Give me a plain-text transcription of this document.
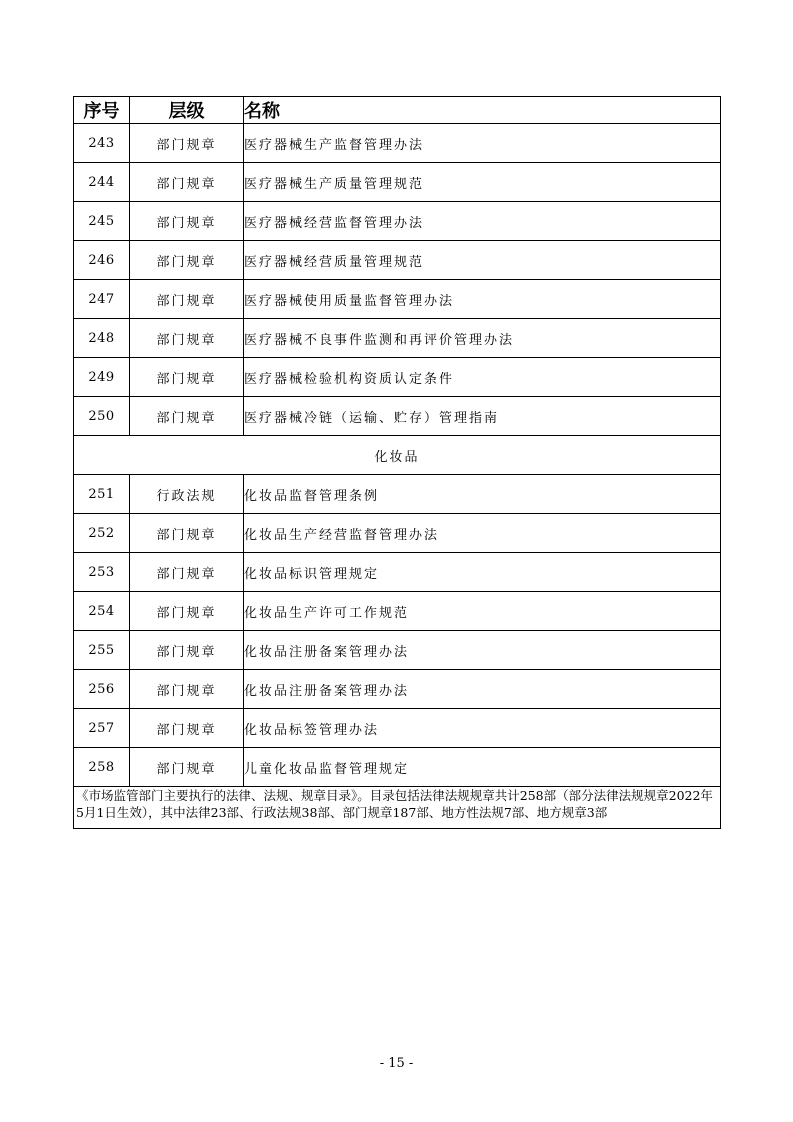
序号	层级	名称
243	部门规章	医疗器械生产监督管理办法
244	部门规章	医疗器械生产质量管理规范
245	部门规章	医疗器械经营监督管理办法
246	部门规章	医疗器械经营质量管理规范
247	部门规章	医疗器械使用质量监督管理办法
248	部门规章	医疗器械不良事件监测和再评价管理办法
249	部门规章	医疗器械检验机构资质认定条件
250	部门规章	医疗器械冷链（运输、贮存）管理指南
化妆品		
251	行政法规	化妆品监督管理条例
252	部门规章	化妆品生产经营监督管理办法
253	部门规章	化妆品标识管理规定
254	部门规章	化妆品生产许可工作规范
255	部门规章	化妆品注册备案管理办法
256	部门规章	化妆品注册备案管理办法
257	部门规章	化妆品标签管理办法
258	部门规章	儿童化妆品监督管理规定

《市场监管部门主要执行的法律、法规、规章目录》。目录包括法律法规规章共计258部（部分法律法规规章2022年5月1日生效），其中法律23部、行政法规38部、部门规章187部、地方性法规7部、地方规章3部		
- 15 -
